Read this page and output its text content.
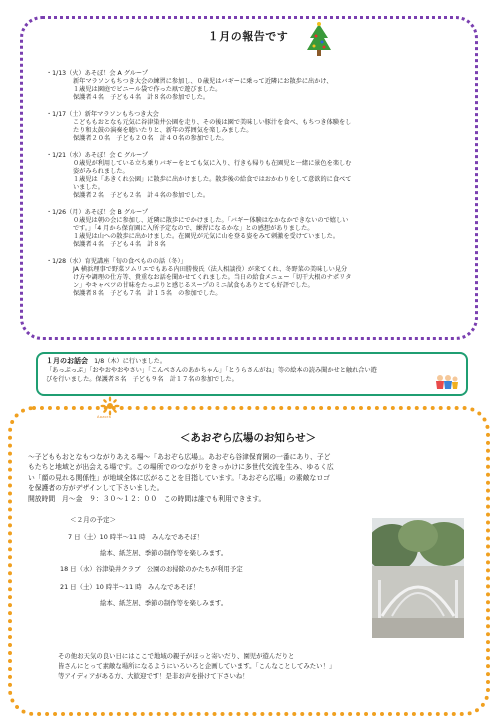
１月の報告です
・1/13（火）あそぼ！会 A グループ

新年マラソンもちつき大会の練習に参加し、０歳児はバギーに乗って近隣にお散歩に出かけ、

１歳児は園庭でビニール袋で作った凧で遊びました。

保護者４名　子ども４名　計８名の参加でした。

・1/17（土）新年マラソンもちつき大会

こどももおとなも元気に谷津染井公園を走り、その後は園で美味しい豚汁を食べ、もちつき体験をし

たり和太鼓の演奏を聴いたりと、新年の雰囲気を楽しみました。

保護者２０名　子ども２０名　計４０名の参加でした。

・1/21（水）あそぼ！会 C グループ

０歳児が利用している立ち乗りバギーをとても気に入り、行きも帰りも在園児と一緒に景色を楽しむ

姿がみられました。

１歳児は「あきくれ公園」に散歩に出かけました。散歩後の給食ではおかわりをして意欲的に食べて

いました。

保護者２名　子ども２名　計４名の参加でした。

・1/26（月）あそぼ！会 B グループ

０歳児は朝の会に参加し、近隣に散歩にでかけました。「バギー体験はなかなかできないので嬉しい

です。」「4 月から保育園に入所予定なので、練習になるかな」との感想がありました。

１歳児は山への散歩に出かけました。在園児が元気に山を登る姿をみて刺激を受けていました。

保護者４名　子ども４名　計８名

・1/28（水）育児講座「旬の食べものの話（冬）」

JA 横浜理事で野菜ソムリエでもある内田勝俊氏（法人相談役）が来てくれ、冬野菜の美味しい見分

け方や調理の仕方等、貴重なお話を聞かせてくれました。当日の給食メニュー「切干大根のナポリタ

ン」やキャベツの甘味をたっぷりと感じるスープのミニ試食もありとても好評でした。

保護者８名　子ども７名　計１５名　の参加でした。

１月のお話会　1/8（木）に行いました。

「あっぷっぷ」「おやおやおやさい」「こんぺさんのあかちゃん」「とうらさんがね」等の絵本の読み聞かせと触れ合い遊

びを行いました。保護者８名　子ども９名　計１７名の参加でした。

Aozora
＜あおぞら広場のお知らせ＞

～子どももおとなもつながりあえる場～「あおぞら広場」。あおぞら谷津保育園の一番にあり、子ど

もたちと地域とが出会える場です。この場所でのつながりをきっかけに多世代交流を生み、ゆるく広

い「顔の見れる関係性」が地域全体に広がることを目指しています。「あおぞら広場」の素敵なロゴ

を保護者の方がデザインして下さいました。

開放時間　月～金　９：３０～１２：００　この時間は誰でも利用できます。

＜２月の予定＞
7 日（土）10 時半～11 時　みんなであそぼ！
絵本、紙芝居、季節の制作等を楽しみます。
18 日（水）谷津染井クラブ　公園のお掃除のかたちが利用予定
21 日（土）10 時半～11 時　みんなであそぼ！
絵本、紙芝居、季節の制作等を楽しみます。

その他お天気の良い日にはここで地域の親子がほっと寄いだり、園児が遊んだりと

皆さんにとって素敵な場所になるようにいろいろと企画しています。「こんなことしてみたい！」

等アイディアがある方、大歓迎です！是非お声を掛けて下さいね！
